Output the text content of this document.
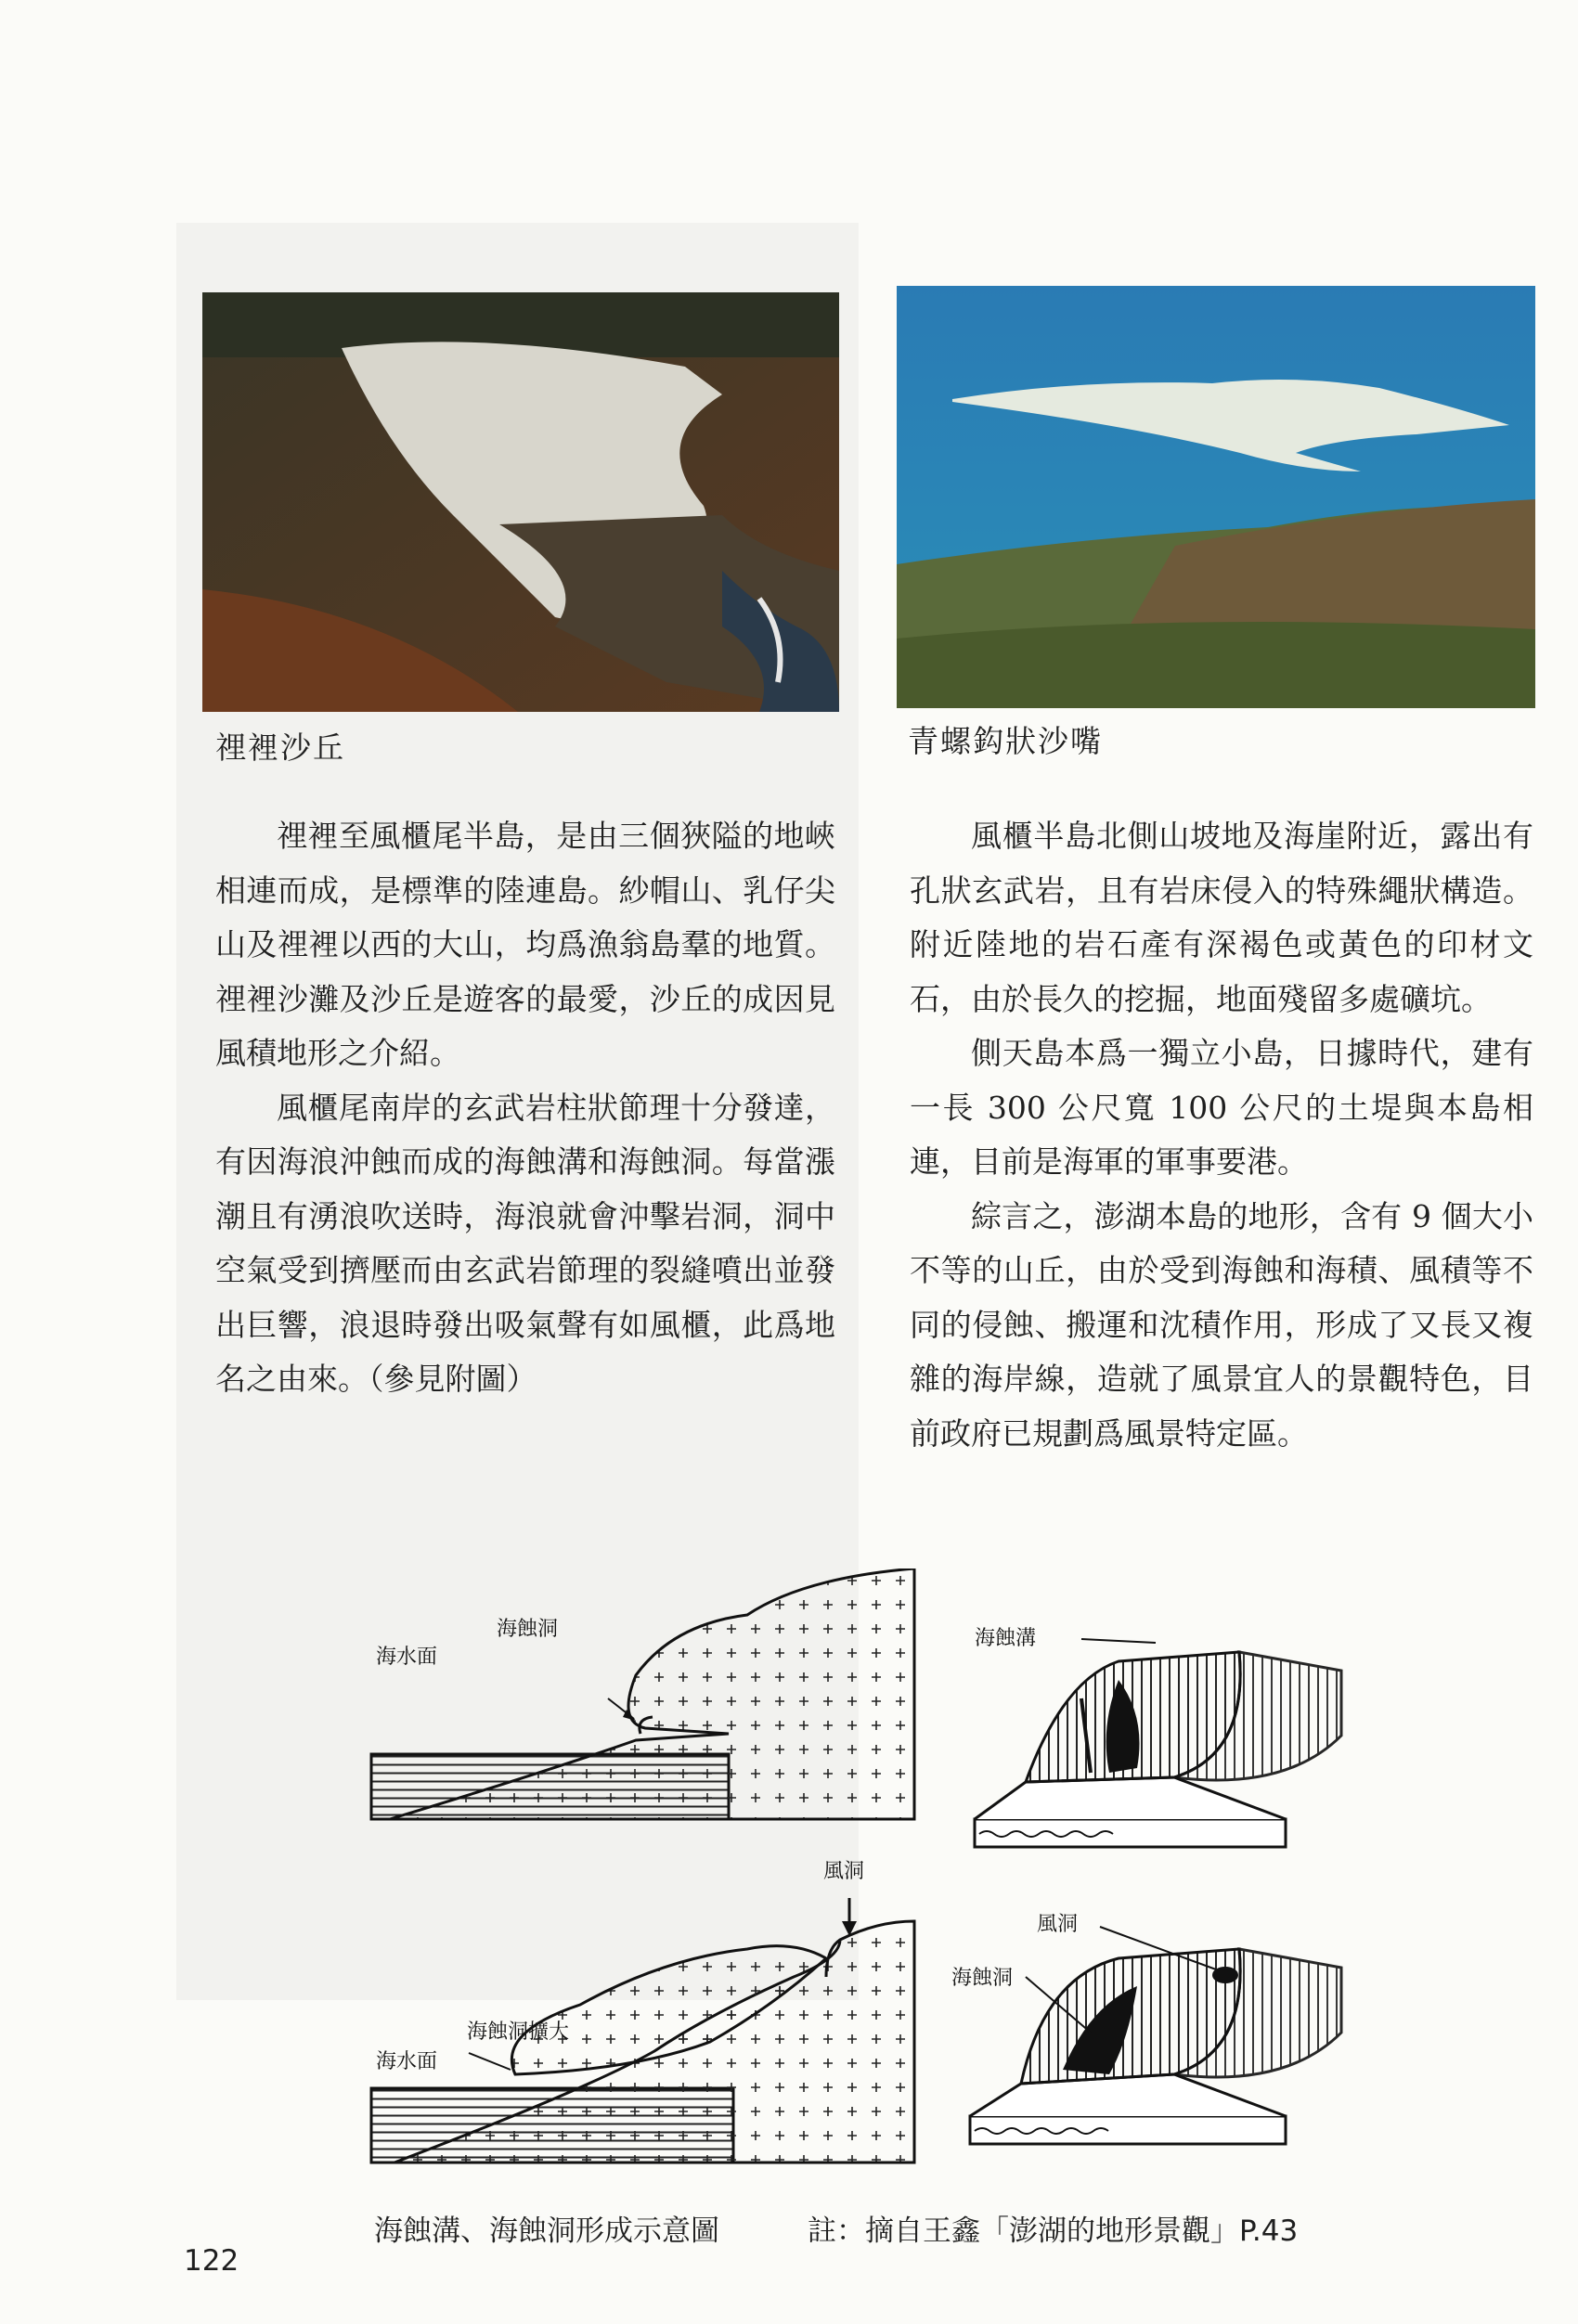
𥚃裡沙丘	青螺鈎狀沙嘴

𥚃裡至風櫃尾半島，是由三個狹隘的地峽相連而成，是標準的陸連島。紗帽山、乳仔尖山及𥚃裡以西的大山，均爲漁翁島羣的地質。𥚃裡沙灘及沙丘是遊客的最愛，沙丘的成因見風積地形之介紹。

風櫃尾南岸的玄武岩柱狀節理十分發達，有因海浪沖蝕而成的海蝕溝和海蝕洞。每當漲潮且有湧浪吹送時，海浪就會沖擊岩洞，洞中空氣受到擠壓而由玄武岩節理的裂縫噴出並發出巨響，浪退時發出吸氣聲有如風櫃，此爲地名之由來。（參見附圖）

風櫃半島北側山坡地及海崖附近，露出有孔狀玄武岩，且有岩床侵入的特殊繩狀構造。附近陸地的岩石產有深褐色或黃色的印材文石，由於長久的挖掘，地面殘留多處礦坑。

側天島本爲一獨立小島，日據時代，建有一長 300 公尺寬 100 公尺的土堤與本島相連，目前是海軍的軍事要港。

綜言之，澎湖本島的地形，含有 9 個大小不等的山丘，由於受到海蝕和海積、風積等不同的侵蝕、搬運和沈積作用，形成了又長又複雜的海岸線，造就了風景宜人的景觀特色，目前政府已規劃爲風景特定區。

海蝕洞
海水面
風洞
海蝕洞擴大
海水面
海蝕溝
風洞
海蝕洞
海蝕溝、海蝕洞形成示意圖	註：摘自王鑫「澎湖的地形景觀」P.43
122
